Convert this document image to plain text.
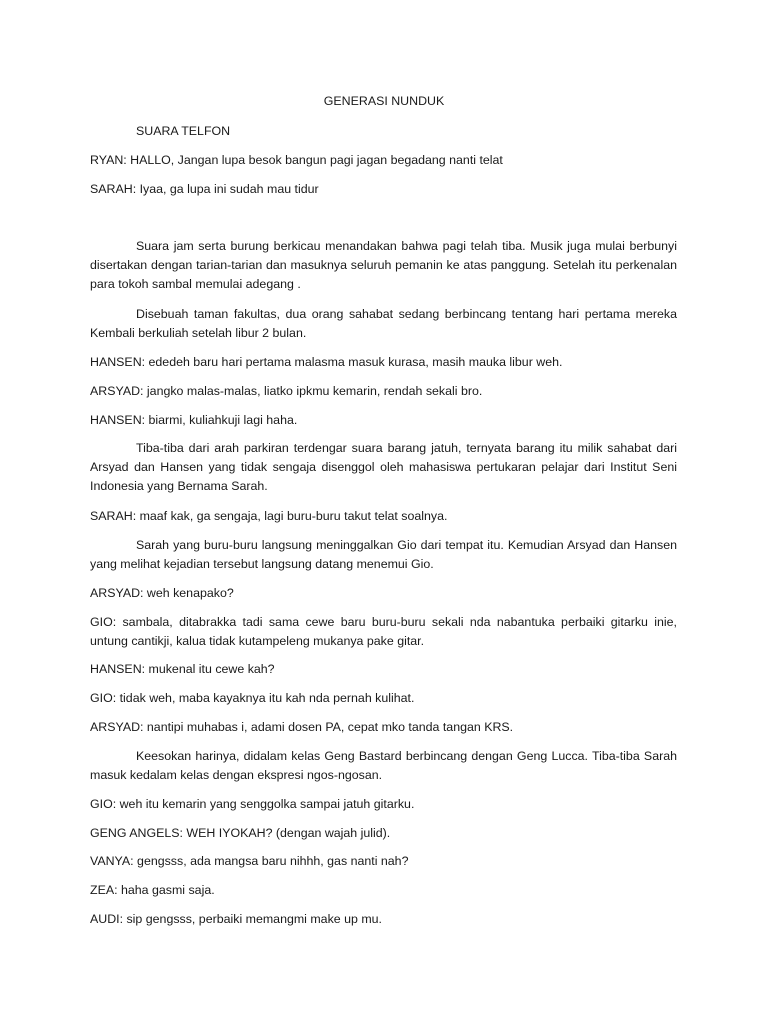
GENERASI NUNDUK

SUARA TELFON

RYAN: HALLO, Jangan lupa besok bangun pagi jagan begadang nanti telat

SARAH: Iyaa, ga lupa ini sudah mau tidur

Suara jam serta burung berkicau menandakan bahwa pagi telah tiba. Musik juga mulai berbunyi disertakan dengan tarian-tarian dan masuknya seluruh pemanin ke atas panggung. Setelah itu perkenalan para tokoh sambal memulai adegang .

Disebuah taman fakultas, dua orang sahabat sedang berbincang tentang hari pertama mereka Kembali berkuliah setelah libur 2 bulan.

HANSEN: ededeh baru hari pertama malasma masuk kurasa, masih mauka libur weh.

ARSYAD: jangko malas-malas, liatko ipkmu kemarin, rendah sekali bro.

HANSEN: biarmi, kuliahkuji lagi haha.

Tiba-tiba dari arah parkiran terdengar suara barang jatuh, ternyata barang itu milik sahabat dari Arsyad dan Hansen yang tidak sengaja disenggol oleh mahasiswa pertukaran pelajar dari Institut Seni Indonesia yang Bernama Sarah.

SARAH: maaf kak, ga sengaja, lagi buru-buru takut telat soalnya.

Sarah yang buru-buru langsung meninggalkan Gio dari tempat itu. Kemudian Arsyad dan Hansen yang melihat kejadian tersebut langsung datang menemui Gio.

ARSYAD: weh kenapako?

GIO: sambala, ditabrakka tadi sama cewe baru buru-buru sekali nda nabantuka perbaiki gitarku inie, untung cantikji, kalua tidak kutampeleng mukanya pake gitar.

HANSEN: mukenal itu cewe kah?

GIO: tidak weh, maba kayaknya itu kah nda pernah kulihat.

ARSYAD: nantipi muhabas i, adami dosen PA, cepat mko tanda tangan KRS.

Keesokan harinya, didalam kelas Geng Bastard berbincang dengan Geng Lucca. Tiba-tiba Sarah masuk kedalam kelas dengan ekspresi ngos-ngosan.

GIO: weh itu kemarin yang senggolka sampai jatuh gitarku.

GENG ANGELS: WEH IYOKAH? (dengan wajah julid).

VANYA: gengsss, ada mangsa baru nihhh, gas nanti nah?

ZEA: haha gasmi saja.

AUDI: sip gengsss, perbaiki memangmi make up mu.
